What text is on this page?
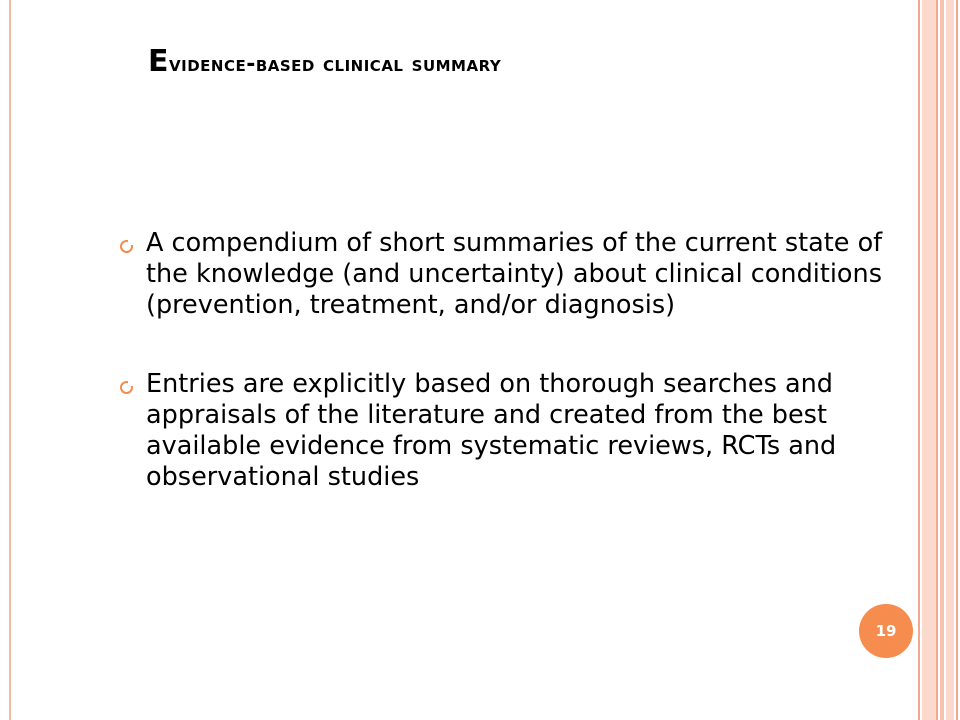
Evidence-based clinical summary
A compendium of short summaries of the current state of the knowledge (and uncertainty) about clinical conditions (prevention, treatment, and/or diagnosis)
Entries are explicitly based on thorough searches and appraisals of the literature and created from the best available evidence from systematic reviews, RCTs and observational studies
19
